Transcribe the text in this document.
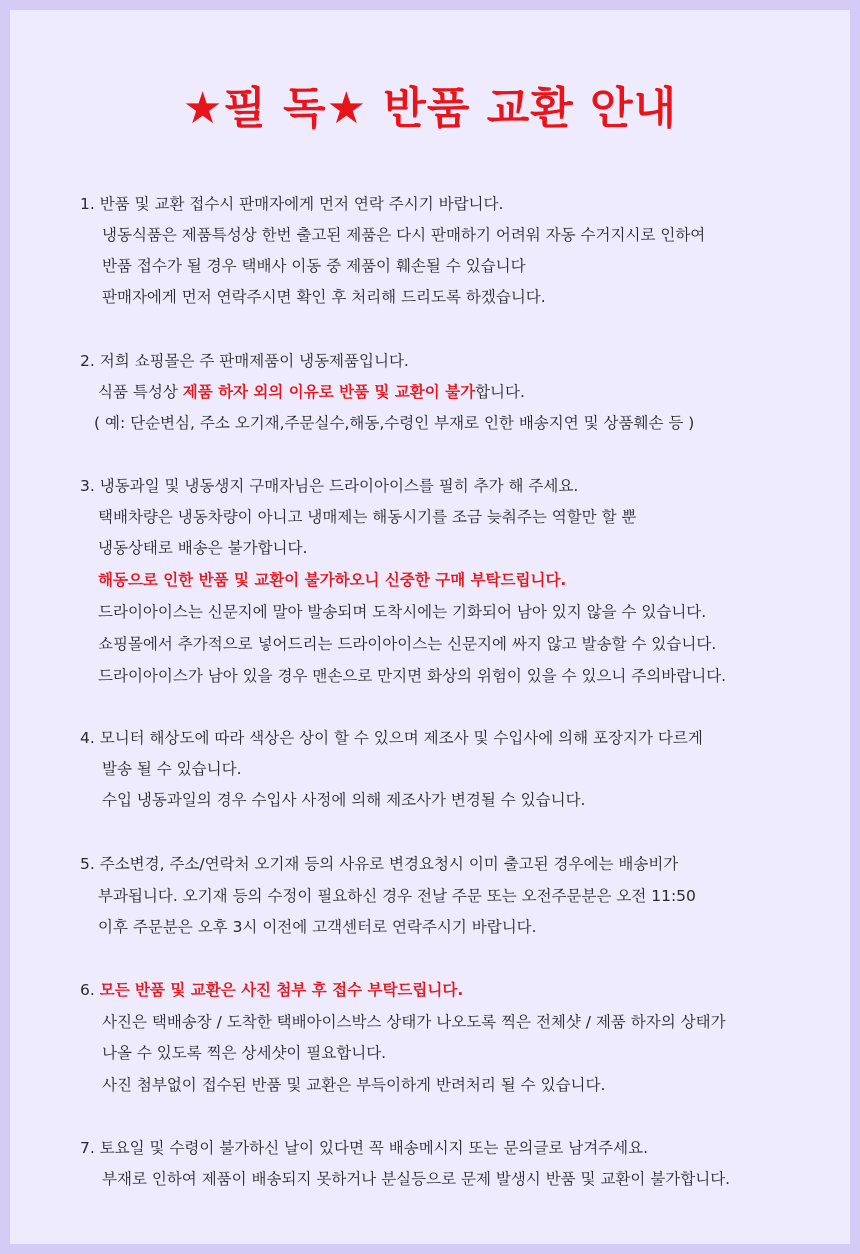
★필 독★ 반품 교환 안내
1. 반품 및 교환 접수시 판매자에게 먼저 연락 주시기 바랍니다.
냉동식품은 제품특성상 한번 출고된 제품은 다시 판매하기 어려워 자동 수거지시로 인하여
반품 접수가 될 경우 택배사 이동 중 제품이 훼손될 수 있습니다
판매자에게 먼저 연락주시면 확인 후 처리해 드리도록 하겠습니다.
2. 저희 쇼핑몰은 주 판매제품이 냉동제품입니다.
식품 특성상 제품 하자 외의 이유로 반품 및 교환이 불가합니다.
( 예: 단순변심, 주소 오기재,주문실수,해동,수령인 부재로 인한 배송지연 및 상품훼손 등 )
3. 냉동과일 및 냉동생지 구매자님은 드라이아이스를 필히 추가 해 주세요.
택배차량은 냉동차량이 아니고 냉매제는 해동시기를 조금 늦춰주는 역할만 할 뿐
냉동상태로 배송은 불가합니다.
해동으로 인한 반품 및 교환이 불가하오니 신중한 구매 부탁드립니다.
드라이아이스는 신문지에 말아 발송되며 도착시에는 기화되어 남아 있지 않을 수 있습니다.
쇼핑몰에서 추가적으로 넣어드리는 드라이아이스는 신문지에 싸지 않고 발송할 수 있습니다.
드라이아이스가 남아 있을 경우 맨손으로 만지면 화상의 위험이 있을 수 있으니 주의바랍니다.
4. 모니터 해상도에 따라 색상은 상이 할 수 있으며 제조사 및 수입사에 의해 포장지가 다르게
발송 될 수 있습니다.
수입 냉동과일의 경우 수입사 사정에 의해 제조사가 변경될 수 있습니다.
5. 주소변경, 주소/연락처 오기재 등의 사유로 변경요청시 이미 출고된 경우에는 배송비가
부과됩니다. 오기재 등의 수정이 필요하신 경우 전날 주문 또는 오전주문분은 오전 11:50
이후 주문분은 오후 3시 이전에 고객센터로 연락주시기 바랍니다.
6. 모든 반품 및 교환은 사진 첨부 후 접수 부탁드립니다.
사진은 택배송장 / 도착한 택배아이스박스 상태가 나오도록 찍은 전체샷 / 제품 하자의 상태가
나올 수 있도록 찍은 상세샷이 필요합니다.
사진 첨부없이 접수된 반품 및 교환은 부득이하게 반려처리 될 수 있습니다.
7. 토요일 및 수령이 불가하신 날이 있다면 꼭 배송메시지 또는 문의글로 남겨주세요.
부재로 인하여 제품이 배송되지 못하거나 분실등으로 문제 발생시 반품 및 교환이 불가합니다.
